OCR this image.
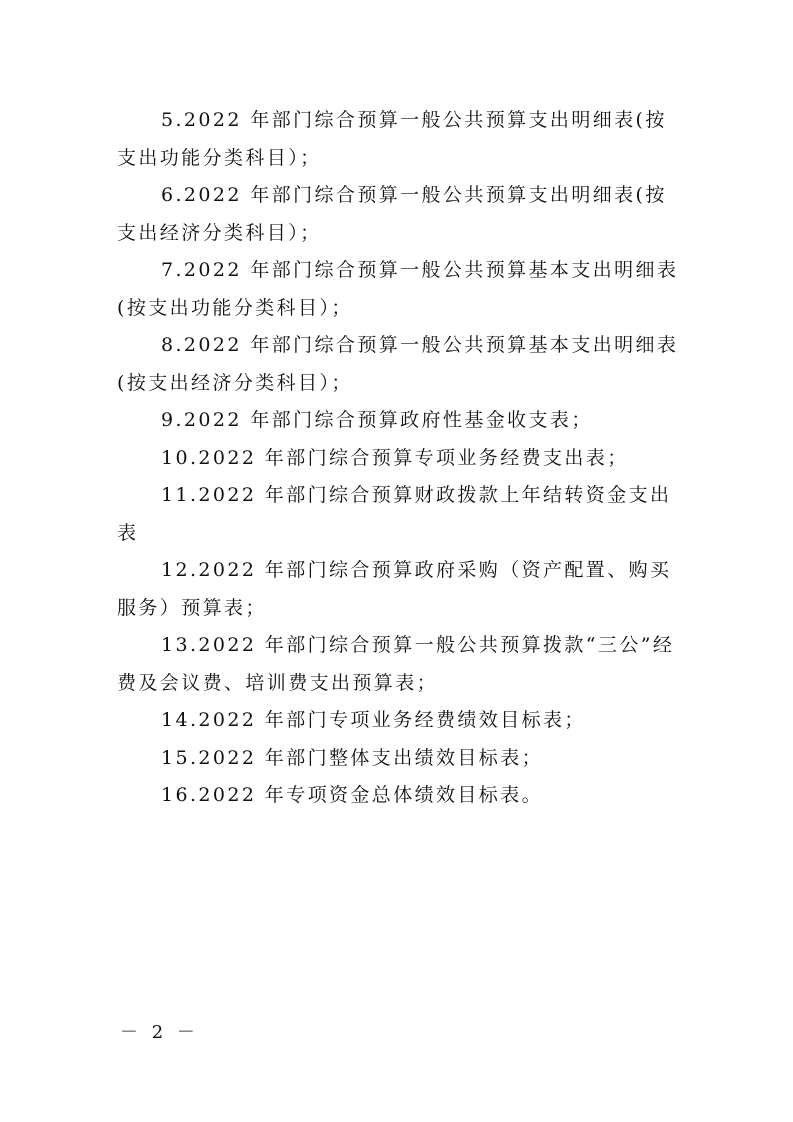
5.2022 年部门综合预算一般公共预算支出明细表(按支出功能分类科目）；

6.2022 年部门综合预算一般公共预算支出明细表(按支出经济分类科目）；

7.2022 年部门综合预算一般公共预算基本支出明细表(按支出功能分类科目）；

8.2022 年部门综合预算一般公共预算基本支出明细表(按支出经济分类科目）；

9.2022 年部门综合预算政府性基金收支表；

10.2022 年部门综合预算专项业务经费支出表；

11.2022 年部门综合预算财政拨款上年结转资金支出表

12.2022 年部门综合预算政府采购（资产配置、购买服务）预算表；

13.2022 年部门综合预算一般公共预算拨款“三公”经费及会议费、培训费支出预算表；

14.2022 年部门专项业务经费绩效目标表；

15.2022 年部门整体支出绩效目标表；

16.2022 年专项资金总体绩效目标表。

－ 2 －
